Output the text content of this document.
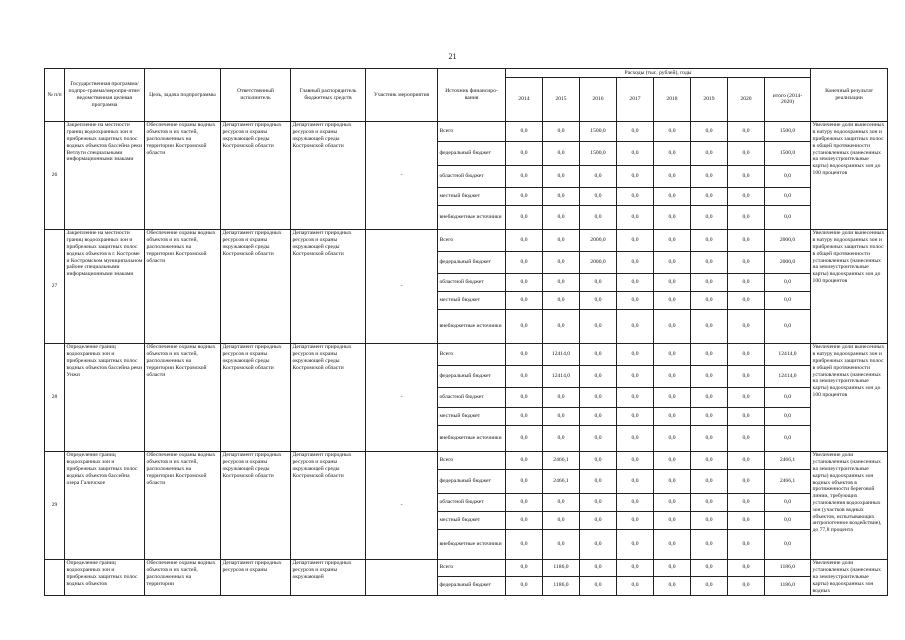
21
№ п/п	Государственная программа/подпро-грамма/меропри-ятие/ведомственная целевая программа	Цель, задача подпрограммы	Ответственный исполнитель	Главный распорядитель бюджетных средств	Участник мероприятия	Источник финансиро-вания	Расходы (тыс. рублей), годы								Конечный результат реализации
							2014	2015	2016	2017	2018	2019	2020	итого (2014-2020)	
26	Закрепление на местности границ водоохранных зон и прибрежных защитных полос водных объектов бассейна реки Ветлуги специальными информационными знаками	Обеспечение охраны водных объектов и их частей, расположенных на территории Костромской области	Департамент природных ресурсов и охраны окружающей среды Костромской области	Департамент природных ресурсов и охраны окружающей среды Костромской области	-	Всего	0,0	0,0	1500,0	0,0	0,0	0,0	0,0	1500,0	Увеличение доли вынесенных в натуру водоохранных зон и прибрежных защитных полос в общей протяженности установленных (нанесенных на землеустроительные карты) водоохранных зон до 100 процентов
						федеральный бюджет	0,0	0,0	1500,0	0,0	0,0	0,0	0,0	1500,0	
						областной бюджет	0,0	0,0	0,0	0,0	0,0	0,0	0,0	0,0	
						местный бюджет	0,0	0,0	0,0	0,0	0,0	0,0	0,0	0,0	
						внебюджетные источники	0,0	0,0	0,0	0,0	0,0	0,0	0,0	0,0	
27	Закрепление на местности границ водоохранных зон и прибрежных защитных полос водных объектов в г. Костроме и Костромском муниципальном районе специальными информационными знаками	Обеспечение охраны водных объектов и их частей, расположенных на территории Костромской области	Департамент природных ресурсов и охраны окружающей среды Костромской области	Департамент природных ресурсов и охраны окружающей среды Костромской области	-	Всего	0,0	0,0	2000,0	0,0	0,0	0,0	0,0	2000,0	Увеличение доли вынесенных в натуру водоохранных зон и прибрежных защитных полос в общей протяженности установленных (нанесенных на землеустроительные карты) водоохранных зон до 100 процентов
						федеральный бюджет	0,0	0,0	2000,0	0,0	0,0	0,0	0,0	2000,0	
						областной бюджет	0,0	0,0	0,0	0,0	0,0	0,0	0,0	0,0	
						местный бюджет	0,0	0,0	0,0	0,0	0,0	0,0	0,0	0,0	
						внебюджетные источники	0,0	0,0	0,0	0,0	0,0	0,0	0,0	0,0	
28	Определение границ водоохранных зон и прибрежных защитных полос водных объектов бассейна реки Унжи	Обеспечение охраны водных объектов и их частей, расположенных на территории Костромской области	Департамент природных ресурсов и охраны окружающей среды Костромской области	Департамент природных ресурсов и охраны окружающей среды Костромской области	-	Всего	0,0	12414,0	0,0	0,0	0,0	0,0	0,0	12414,0	Увеличение доли вынесенных в натуру водоохранных зон и прибрежных защитных полос в общей протяженности установленных (нанесенных на землеустроительные карты) водоохранных зон до 100 процентов
						федеральный бюджет	0,0	12414,0	0,0	0,0	0,0	0,0	0,0	12414,0	
						областной бюджет	0,0	0,0	0,0	0,0	0,0	0,0	0,0	0,0	
						местный бюджет	0,0	0,0	0,0	0,0	0,0	0,0	0,0	0,0	
						внебюджетные источники	0,0	0,0	0,0	0,0	0,0	0,0	0,0	0,0	
29	Определение границ водоохранных зон и прибрежных защитных полос водных объектов бассейна озера Галичское	Обеспечение охраны водных объектов и их частей, расположенных на территории Костромской области	Департамент природных ресурсов и охраны окружающей среды Костромской области	Департамент природных ресурсов и охраны окружающей среды Костромской области	-	Всего	0,0	2466,1	0,0	0,0	0,0	0,0	0,0	2466,1	Увеличение доли установленных (нанесенных на землеустроительные карты) водоохранных зон водных объектов в протяженности береговой линии, требующих установления водоохранных зон (участков водных объектов, испытывающих антропогенное воздействие), до 77,8 процента
						федеральный бюджет	0,0	2466,1	0,0	0,0	0,0	0,0	0,0	2466,1	
						областной бюджет	0,0	0,0	0,0	0,0	0,0	0,0	0,0	0,0	
						местный бюджет	0,0	0,0	0,0	0,0	0,0	0,0	0,0	0,0	
						внебюджетные источники	0,0	0,0	0,0	0,0	0,0	0,0	0,0	0,0	
	Определение границ водоохранных зон и прибрежных защитных полос водных объектов	Обеспечение охраны водных объектов и их частей, расположенных на территории	Департамент природных ресурсов и охраны	Департамент природных ресурсов и охраны окружающей		Всего	0,0	1186,0	0,0	0,0	0,0	0,0	0,0	1186,0	Увеличение доли установленных (нанесенных на землеустроительные карты) водоохранных зон водных
						федеральный бюджет	0,0	1186,0	0,0	0,0	0,0	0,0	0,0	1186,0	
